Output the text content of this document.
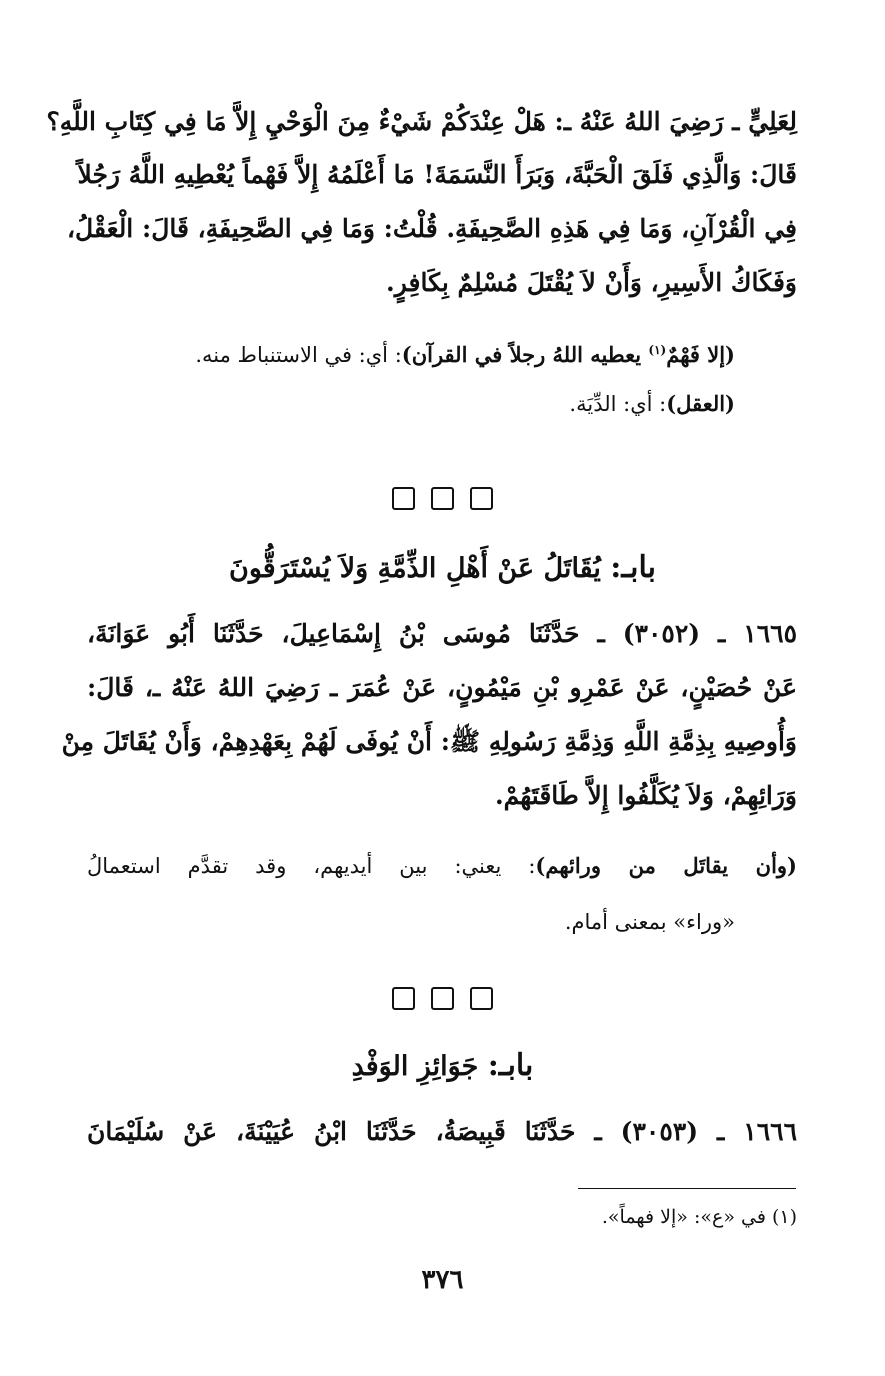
لِعَلِيٍّ ـ رَضِيَ اللهُ عَنْهُ ـ: هَلْ عِنْدَكُمْ شَيْءٌ مِنَ الْوَحْيِ إِلاَّ مَا فِي كِتَابِ اللَّهِ؟
قَالَ: وَالَّذِي فَلَقَ الْحَبَّةَ، وَبَرَأَ النَّسَمَةَ! مَا أَعْلَمُهُ إِلاَّ فَهْماً يُعْطِيهِ اللَّهُ رَجُلاً
فِي الْقُرْآنِ، وَمَا فِي هَذِهِ الصَّحِيفَةِ. قُلْتُ: وَمَا فِي الصَّحِيفَةِ، قَالَ: الْعَقْلُ،
وَفَكَاكُ الأَسِيرِ، وَأَنْ لاَ يُقْتَلَ مُسْلِمٌ بِكَافِرٍ.
(إلا فَهْمٌ$^{(١)}$ يعطيه اللهُ رجلاً في القرآن): أي: في الاستنباط منه.
(العقل): أي: الدِّيَة.
بابـ: يُقَاتَلُ عَنْ أَهْلِ الذِّمَّةِ وَلاَ يُسْتَرَقُّونَ
١٦٦٥ ـ (٣٠٥٢) ـ حَدَّثَنَا مُوسَى بْنُ إِسْمَاعِيلَ، حَدَّثَنَا أَبُو عَوَانَةَ،
عَنْ حُصَيْنٍ، عَنْ عَمْرِو بْنِ مَيْمُونٍ، عَنْ عُمَرَ ـ رَضِيَ اللهُ عَنْهُ ـ، قَالَ:
وَأُوصِيهِ بِذِمَّةِ اللَّهِ وَذِمَّةِ رَسُولِهِ ﷺ: أَنْ يُوفَى لَهُمْ بِعَهْدِهِمْ، وَأَنْ يُقَاتَلَ مِنْ
وَرَائِهِمْ، وَلاَ يُكَلَّفُوا إِلاَّ طَاقَتَهُمْ.
(وأن يقاتَل من ورائهم): يعني: بين أيديهم، وقد تقدَّم استعمالُ
«وراء» بمعنى أمام.
بابـ: جَوَائِزِ الوَفْدِ
١٦٦٦ ـ (٣٠٥٣) ـ حَدَّثَنَا قَبِيصَةُ، حَدَّثَنَا ابْنُ عُيَيْنَةَ، عَنْ سُلَيْمَانَ
(١) في «ع»: «إلا فهماً».
٣٧٦
